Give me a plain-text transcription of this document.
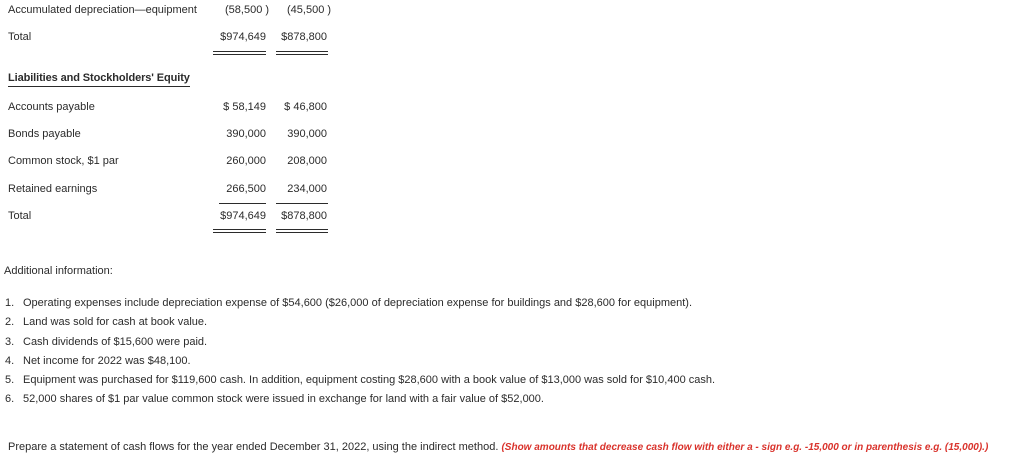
Accumulated depreciation—equipment	(58,500 ) (45,500 )
Total	$974,649	$878,800
Liabilities and Stockholders' Equity
Accounts payable	$ 58,149	$ 46,800
Bonds payable	390,000	390,000
Common stock, $1 par	260,000	208,000
Retained earnings	266,500	234,000
Total	$974,649	$878,800
Additional information:
1. Operating expenses include depreciation expense of $54,600 ($26,000 of depreciation expense for buildings and $28,600 for equipment).
2. Land was sold for cash at book value.
3. Cash dividends of $15,600 were paid.
4. Net income for 2022 was $48,100.
5. Equipment was purchased for $119,600 cash. In addition, equipment costing $28,600 with a book value of $13,000 was sold for $10,400 cash.
6. 52,000 shares of $1 par value common stock were issued in exchange for land with a fair value of $52,000.
Prepare a statement of cash flows for the year ended December 31, 2022, using the indirect method. (Show amounts that decrease cash flow with either a - sign e.g. -15,000 or in parenthesis e.g. (15,000).)
